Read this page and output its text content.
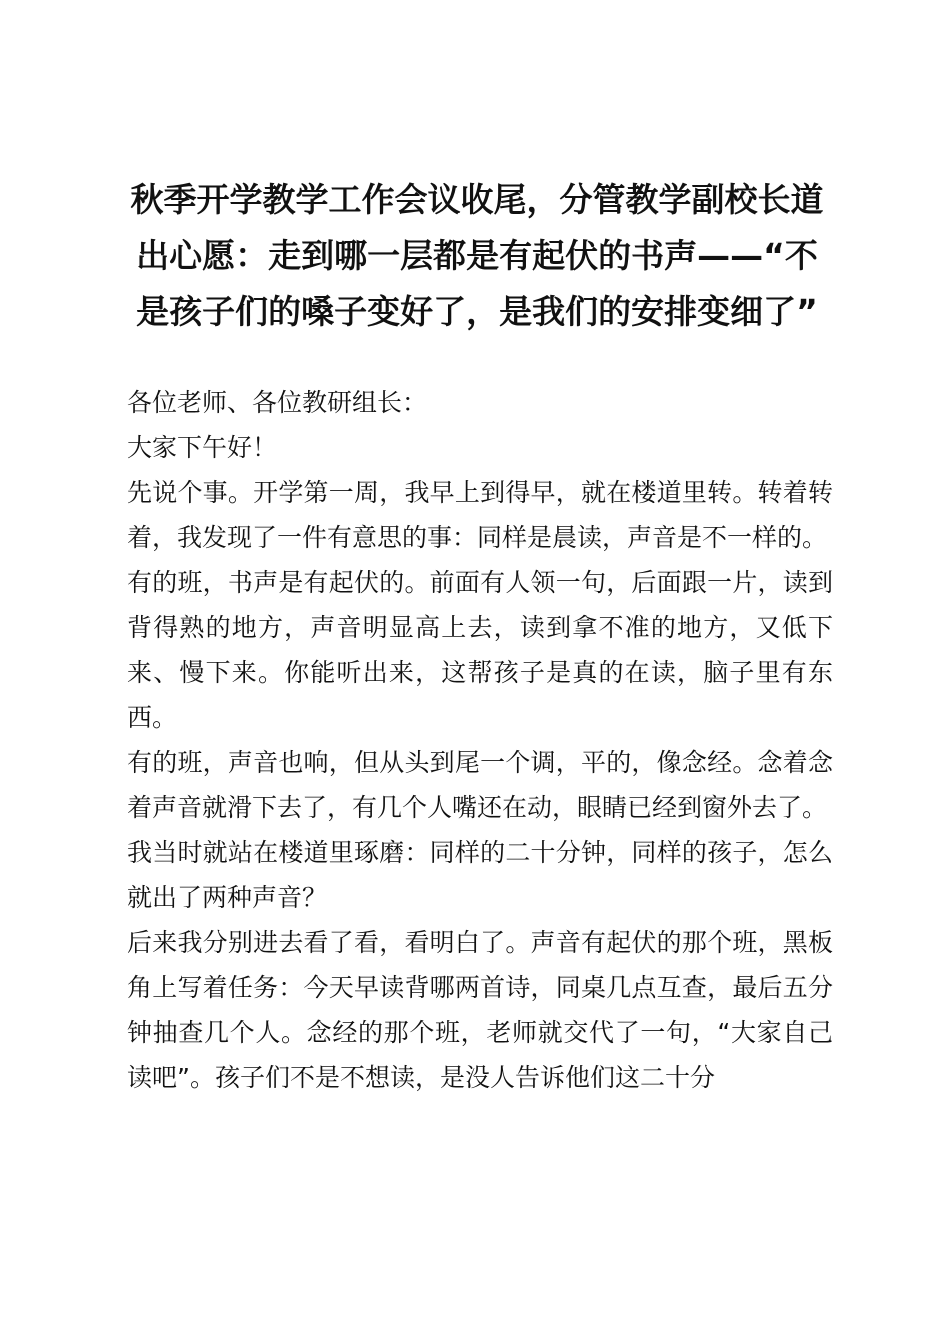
秋季开学教学工作会议收尾，分管教学副校长道出心愿：走到哪一层都是有起伏的书声——“不是孩子们的嗓子变好了，是我们的安排变细了”

各位老师、各位教研组长：

大家下午好！

先说个事。开学第一周，我早上到得早，就在楼道里转。转着转着，我发现了一件有意思的事：同样是晨读，声音是不一样的。

有的班，书声是有起伏的。前面有人领一句，后面跟一片，读到背得熟的地方，声音明显高上去，读到拿不准的地方，又低下来、慢下来。你能听出来，这帮孩子是真的在读，脑子里有东西。

有的班，声音也响，但从头到尾一个调，平的，像念经。念着念着声音就滑下去了，有几个人嘴还在动，眼睛已经到窗外去了。

我当时就站在楼道里琢磨：同样的二十分钟，同样的孩子，怎么就出了两种声音？

后来我分别进去看了看，看明白了。声音有起伏的那个班，黑板角上写着任务：今天早读背哪两首诗，同桌几点互查，最后五分钟抽查几个人。念经的那个班，老师就交代了一句，“大家自己读吧”。孩子们不是不想读，是没人告诉他们这二十分
